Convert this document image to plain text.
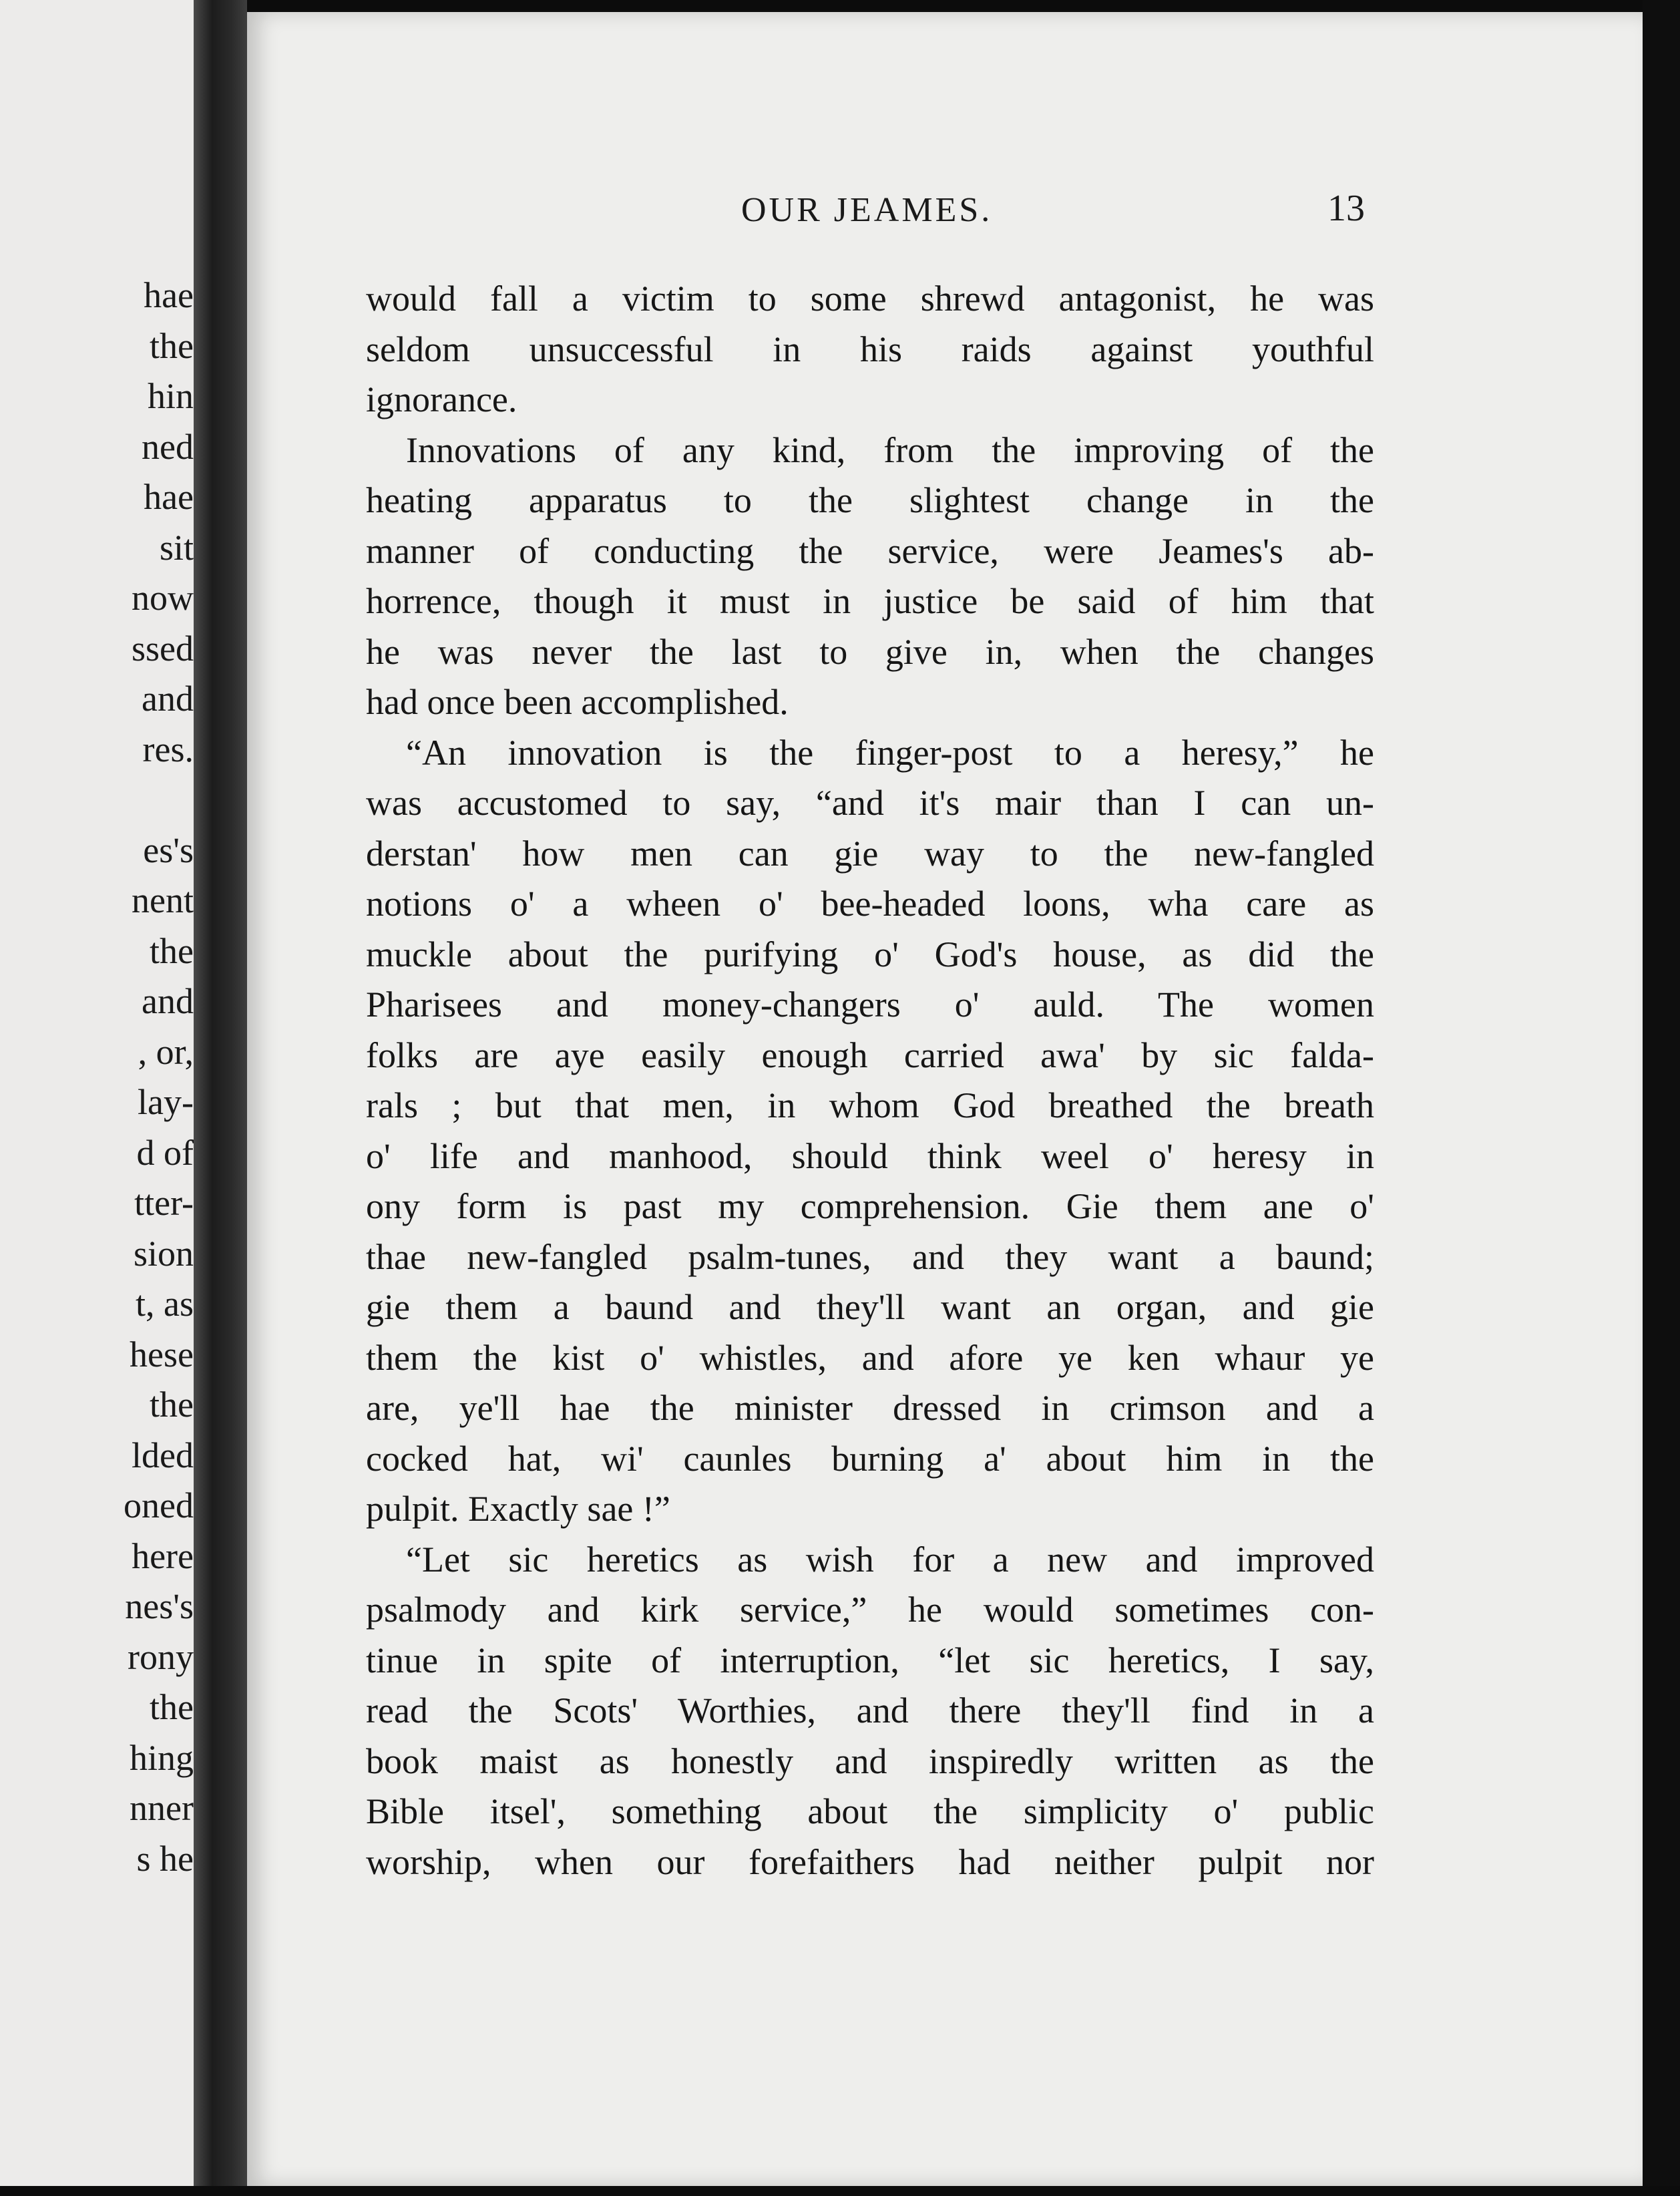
hae
the
hin
ned
hae
sit
now
ssed
and
res.
es's
nent
the
and
, or,
lay-
d of
tter-
sion
t, as
hese
the
lded
oned
here
nes's
rony
the
hing
nner
s he
OUR JEAMES.	13
would fall a victim to some shrewd antagonist, he was
seldom unsuccessful in his raids against youthful
ignorance.
Innovations of any kind, from the improving of the
heating apparatus to the slightest change in the
manner of conducting the service, were Jeames's ab-
horrence, though it must in justice be said of him that
he was never the last to give in, when the changes
had once been accomplished.
“An innovation is the finger-post to a heresy,” he
was accustomed to say, “and it's mair than I can un-
derstan' how men can gie way to the new-fangled
notions o' a wheen o' bee-headed loons, wha care as
muckle about the purifying o' God's house, as did the
Pharisees and money-changers o' auld. The women
folks are aye easily enough carried awa' by sic falda-
rals ; but that men, in whom God breathed the breath
o' life and manhood, should think weel o' heresy in
ony form is past my comprehension. Gie them ane o'
thae new-fangled psalm-tunes, and they want a baund;
gie them a baund and they'll want an organ, and gie
them the kist o' whistles, and afore ye ken whaur ye
are, ye'll hae the minister dressed in crimson and a
cocked hat, wi' caunles burning a' about him in the
pulpit. Exactly sae !”
“Let sic heretics as wish for a new and improved
psalmody and kirk service,” he would sometimes con-
tinue in spite of interruption, “let sic heretics, I say,
read the Scots' Worthies, and there they'll find in a
book maist as honestly and inspiredly written as the
Bible itsel', something about the simplicity o' public
worship, when our forefaithers had neither pulpit nor
